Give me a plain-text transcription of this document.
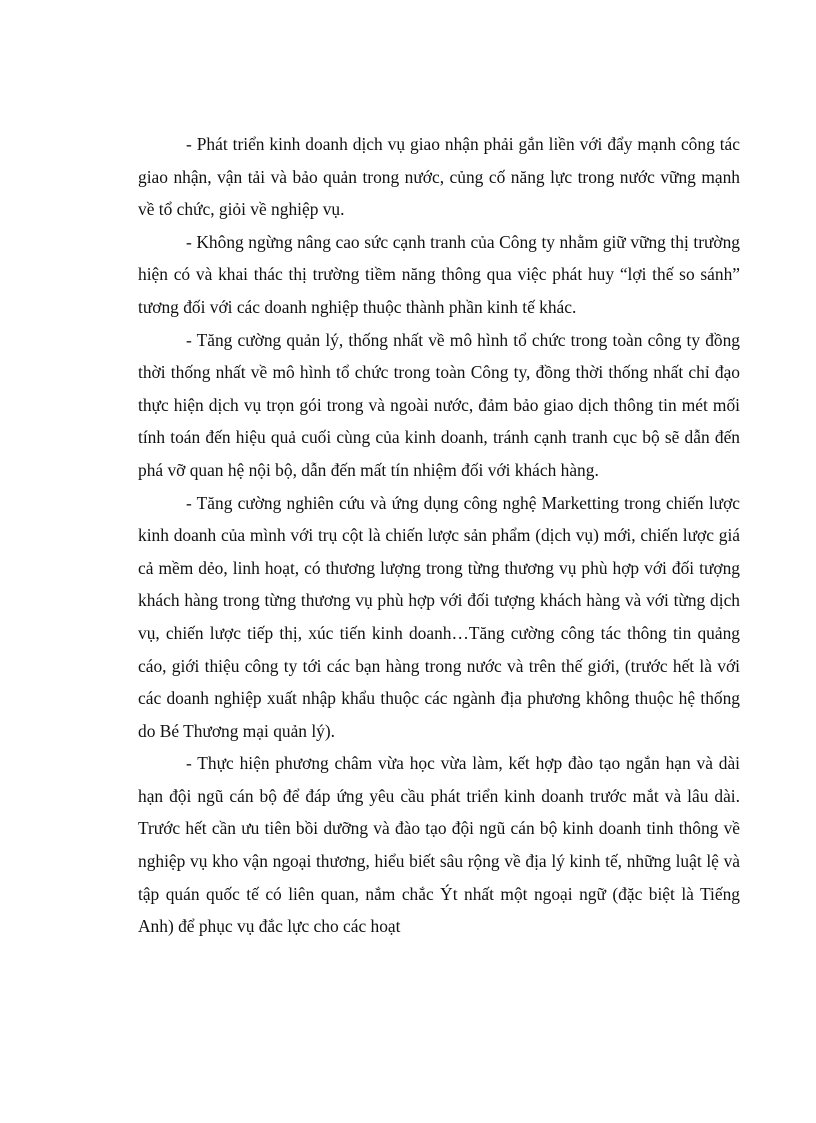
- Phát triển kinh doanh dịch vụ giao nhận phải gắn liền với đẩy mạnh công tác giao nhận, vận tải và bảo quản trong nước, củng cố năng lực trong nước vững mạnh về tổ chức, giỏi về nghiệp vụ.

- Không ngừng nâng cao sức cạnh tranh của Công ty nhằm giữ vững thị trường hiện có và khai thác thị trường tiềm năng thông qua việc phát huy “lợi thế so sánh” tương đối với các doanh nghiệp thuộc thành phần kinh tế khác.

- Tăng cường quản lý, thống nhất về mô hình tổ chức trong toàn công ty đồng thời thống nhất về mô hình tổ chức trong toàn Công ty, đồng thời thống nhất chỉ đạo thực hiện dịch vụ trọn gói trong và ngoài nước, đảm bảo giao dịch thông tin mét mối tính toán đến hiệu quả cuối cùng của kinh doanh, tránh cạnh tranh cục bộ sẽ dẫn đến phá vỡ quan hệ nội bộ, dẫn đến mất tín nhiệm đối với khách hàng.

- Tăng cường nghiên cứu và ứng dụng công nghệ Marketting trong chiến lược kinh doanh của mình với trụ cột là chiến lược sản phẩm (dịch vụ) mới, chiến lược giá cả mềm dẻo, linh hoạt, có thương lượng trong từng thương vụ phù hợp với đối tượng khách hàng trong từng thương vụ phù hợp với đối tượng khách hàng và với từng dịch vụ, chiến lược tiếp thị, xúc tiến kinh doanh…Tăng cường công tác thông tin quảng cáo, giới thiệu công ty tới các bạn hàng trong nước và trên thế giới, (trước hết là với các doanh nghiệp xuất nhập khẩu thuộc các ngành địa phương không thuộc hệ thống do Bé Thương mại quản lý).

- Thực hiện phương châm vừa học vừa làm, kết hợp đào tạo ngắn hạn và dài hạn đội ngũ cán bộ để đáp ứng yêu cầu phát triển kinh doanh trước mắt và lâu dài. Trước hết cần ưu tiên bồi dưỡng và đào tạo đội ngũ cán bộ kinh doanh tinh thông về nghiệp vụ kho vận ngoại thương, hiểu biết sâu rộng về địa lý kinh tế, những luật lệ và tập quán quốc tế có liên quan, nắm chắc Ýt nhất một ngoại ngữ (đặc biệt là Tiếng Anh) để phục vụ đắc lực cho các hoạt
